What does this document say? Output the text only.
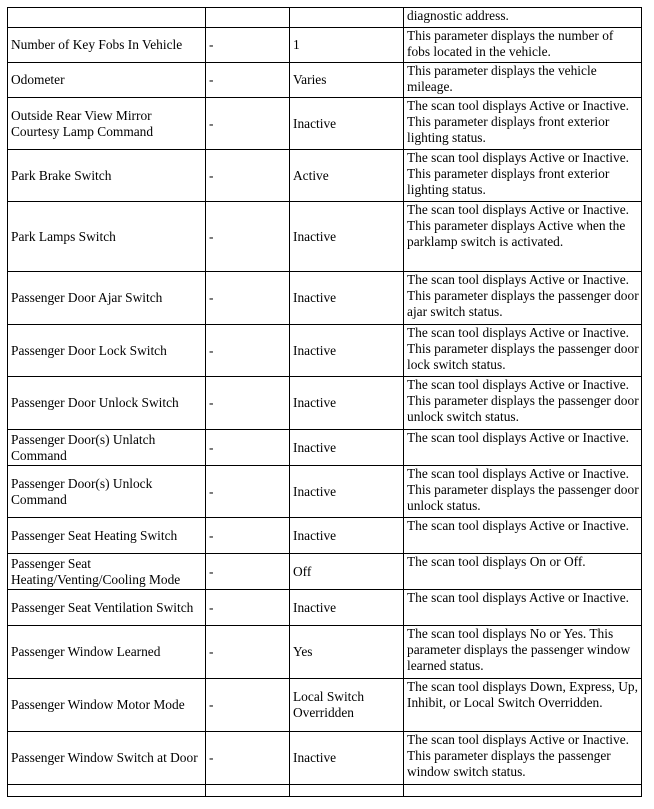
			diagnostic address.
Number of Key Fobs In Vehicle	-	1	This parameter displays the number of fobs located in the vehicle.
Odometer	-	Varies	This parameter displays the vehicle mileage.
Outside Rear View Mirror Courtesy Lamp Command	-	Inactive	The scan tool displays Active or Inactive. This parameter displays front exterior lighting status.
Park Brake Switch	-	Active	The scan tool displays Active or Inactive. This parameter displays front exterior lighting status.
Park Lamps Switch	-	Inactive	The scan tool displays Active or Inactive. This parameter displays Active when the parklamp switch is activated.
Passenger Door Ajar Switch	-	Inactive	The scan tool displays Active or Inactive. This parameter displays the passenger door ajar switch status.
Passenger Door Lock Switch	-	Inactive	The scan tool displays Active or Inactive. This parameter displays the passenger door lock switch status.
Passenger Door Unlock Switch	-	Inactive	The scan tool displays Active or Inactive. This parameter displays the passenger door unlock switch status.
Passenger Door(s) Unlatch Command	-	Inactive	The scan tool displays Active or Inactive.
Passenger Door(s) Unlock Command	-	Inactive	The scan tool displays Active or Inactive. This parameter displays the passenger door unlock status.
Passenger Seat Heating Switch	-	Inactive	The scan tool displays Active or Inactive.
Passenger Seat Heating/Venting/Cooling Mode	-	Off	The scan tool displays On or Off.
Passenger Seat Ventilation Switch	-	Inactive	The scan tool displays Active or Inactive.
Passenger Window Learned	-	Yes	The scan tool displays No or Yes. This parameter displays the passenger window learned status.
Passenger Window Motor Mode	-	Local Switch Overridden	The scan tool displays Down, Express, Up, Inhibit, or Local Switch Overridden.
Passenger Window Switch at Door	-	Inactive	The scan tool displays Active or Inactive. This parameter displays the passenger window switch status.
